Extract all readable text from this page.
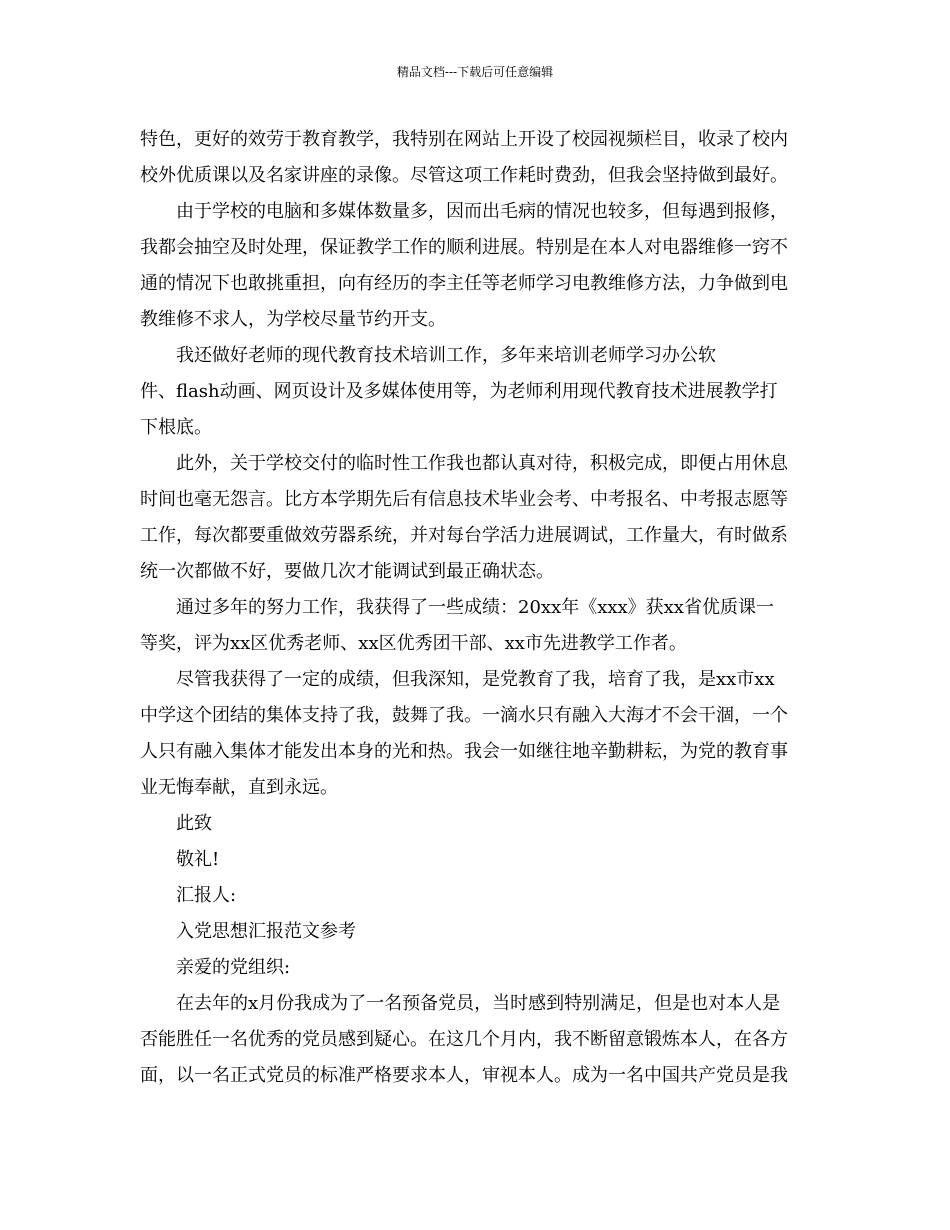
精品文档---下载后可任意编辑
特色，更好的效劳于教育教学，我特别在网站上开设了校园视频栏目，收录了校内
校外优质课以及名家讲座的录像。尽管这项工作耗时费劲，但我会坚持做到最好。
由于学校的电脑和多媒体数量多，因而出毛病的情况也较多，但每遇到报修，
我都会抽空及时处理，保证教学工作的顺利进展。特别是在本人对电器维修一窍不
通的情况下也敢挑重担，向有经历的李主任等老师学习电教维修方法，力争做到电
教维修不求人，为学校尽量节约开支。
我还做好老师的现代教育技术培训工作，多年来培训老师学习办公软
件、flash动画、网页设计及多媒体使用等，为老师利用现代教育技术进展教学打
下根底。
此外，关于学校交付的临时性工作我也都认真对待，积极完成，即便占用休息
时间也毫无怨言。比方本学期先后有信息技术毕业会考、中考报名、中考报志愿等
工作，每次都要重做效劳器系统，并对每台学活力进展调试，工作量大，有时做系
统一次都做不好，要做几次才能调试到最正确状态。
通过多年的努力工作，我获得了一些成绩：20xx年《xxx》获xx省优质课一
等奖，评为xx区优秀老师、xx区优秀团干部、xx市先进教学工作者。
尽管我获得了一定的成绩，但我深知，是党教育了我，培育了我，是xx市xx
中学这个团结的集体支持了我，鼓舞了我。一滴水只有融入大海才不会干涸，一个
人只有融入集体才能发出本身的光和热。我会一如继往地辛勤耕耘，为党的教育事
业无悔奉献，直到永远。
此致
敬礼!
汇报人:
入党思想汇报范文参考
亲爱的党组织:
在去年的x月份我成为了一名预备党员，当时感到特别满足，但是也对本人是
否能胜任一名优秀的党员感到疑心。在这几个月内，我不断留意锻炼本人，在各方
面，以一名正式党员的标准严格要求本人，审视本人。成为一名中国共产党员是我
